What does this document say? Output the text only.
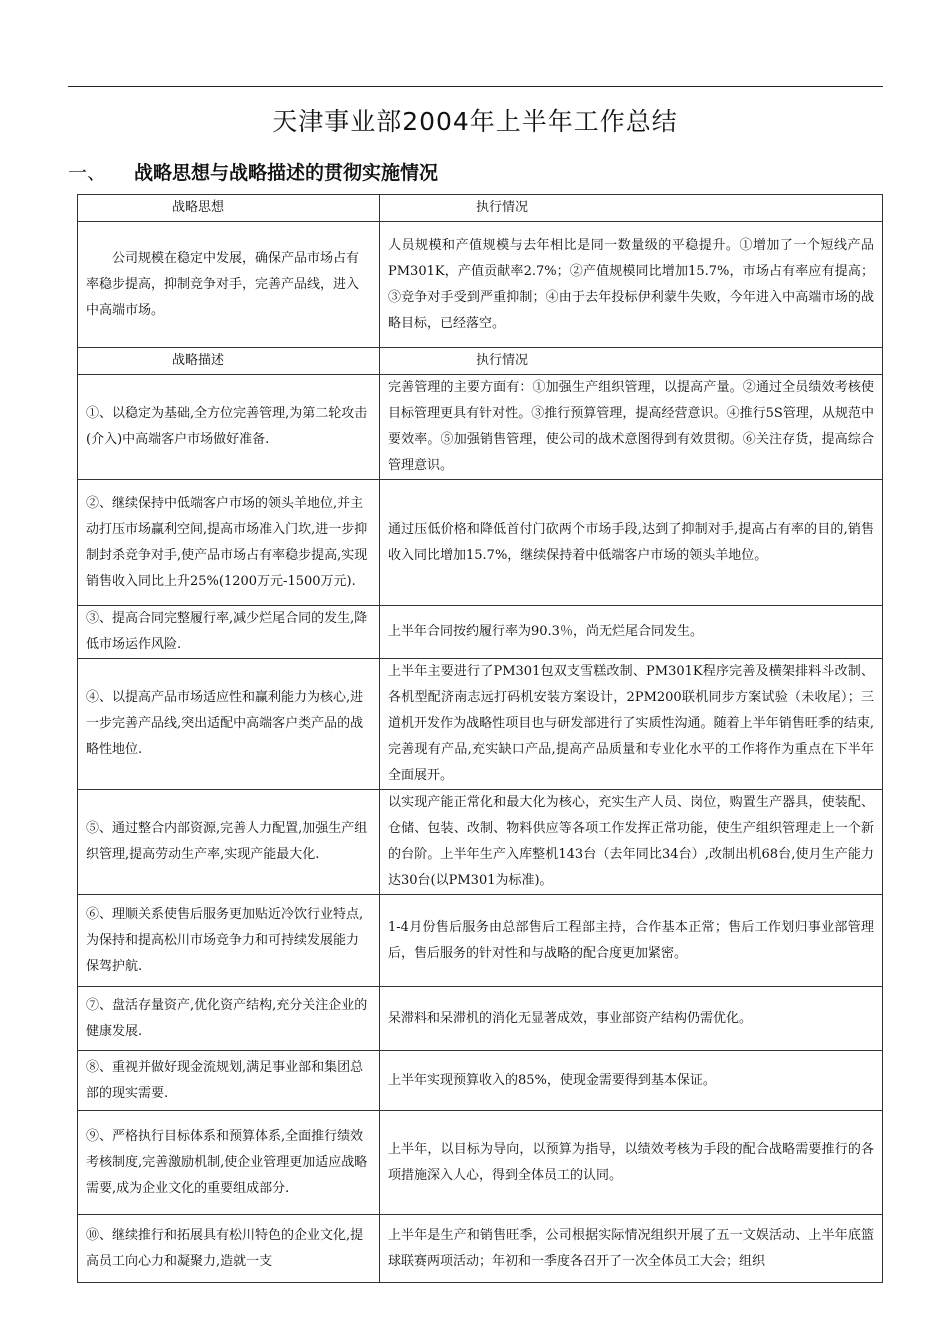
天津事业部2004年上半年工作总结
一、 战略思想与战略描述的贯彻实施情况
战略思想	执行情况
公司规模在稳定中发展，确保产品市场占有率稳步提高，抑制竞争对手，完善产品线，进入中高端市场。	人员规模和产值规模与去年相比是同一数量级的平稳提升。①增加了一个短线产品PM301K，产值贡献率2.7%；②产值规模同比增加15.7%，市场占有率应有提高；③竞争对手受到严重抑制；④由于去年投标伊利蒙牛失败，今年进入中高端市场的战略目标，已经落空。
战略描述	执行情况
①、以稳定为基础,全方位完善管理,为第二轮攻击(介入)中高端客户市场做好准备.	完善管理的主要方面有：①加强生产组织管理，以提高产量。②通过全员绩效考核使目标管理更具有针对性。③推行预算管理，提高经营意识。④推行5S管理，从规范中要效率。⑤加强销售管理，使公司的战术意图得到有效贯彻。⑥关注存货，提高综合管理意识。
②、继续保持中低端客户市场的领头羊地位,并主动打压市场赢利空间,提高市场准入门坎,进一步抑制封杀竞争对手,使产品市场占有率稳步提高,实现销售收入同比上升25%(1200万元-1500万元).	通过压低价格和降低首付门砍两个市场手段,达到了抑制对手,提高占有率的目的,销售收入同比增加15.7%，继续保持着中低端客户市场的领头羊地位。
③、提高合同完整履行率,减少烂尾合同的发生,降低市场运作风险.	上半年合同按约履行率为90.3％，尚无烂尾合同发生。
④、以提高产品市场适应性和赢利能力为核心,进一步完善产品线,突出适配中高端客户类产品的战略性地位.	上半年主要进行了PM301包双支雪糕改制、PM301K程序完善及横架排料斗改制、各机型配济南志远打码机安装方案设计，2PM200联机同步方案试验（未收尾）；三道机开发作为战略性项目也与研发部进行了实质性沟通。随着上半年销售旺季的结束,完善现有产品,充实缺口产品,提高产品质量和专业化水平的工作将作为重点在下半年全面展开。
⑤、通过整合内部资源,完善人力配置,加强生产组织管理,提高劳动生产率,实现产能最大化.	以实现产能正常化和最大化为核心，充实生产人员、岗位，购置生产器具，使装配、仓储、包装、改制、物料供应等各项工作发挥正常功能，使生产组织管理走上一个新的台阶。上半年生产入库整机143台（去年同比34台）,改制出机68台,使月生产能力达30台(以PM301为标准)。
⑥、理顺关系使售后服务更加贴近冷饮行业特点,为保持和提高松川市场竞争力和可持续发展能力保驾护航.	1-4月份售后服务由总部售后工程部主持，合作基本正常；售后工作划归事业部管理后，售后服务的针对性和与战略的配合度更加紧密。
⑦、盘活存量资产,优化资产结构,充分关注企业的健康发展.	呆滞料和呆滞机的消化无显著成效，事业部资产结构仍需优化。
⑧、重视并做好现金流规划,满足事业部和集团总部的现实需要.	上半年实现预算收入的85%，使现金需要得到基本保证。
⑨、严格执行目标体系和预算体系,全面推行绩效考核制度,完善激励机制,使企业管理更加适应战略需要,成为企业文化的重要组成部分.	上半年，以目标为导向，以预算为指导，以绩效考核为手段的配合战略需要推行的各项措施深入人心，得到全体员工的认同。
⑩、继续推行和拓展具有松川特色的企业文化,提高员工向心力和凝聚力,造就一支	上半年是生产和销售旺季，公司根据实际情况组织开展了五一文娱活动、上半年底篮球联赛两项活动；年初和一季度各召开了一次全体员工大会；组织
